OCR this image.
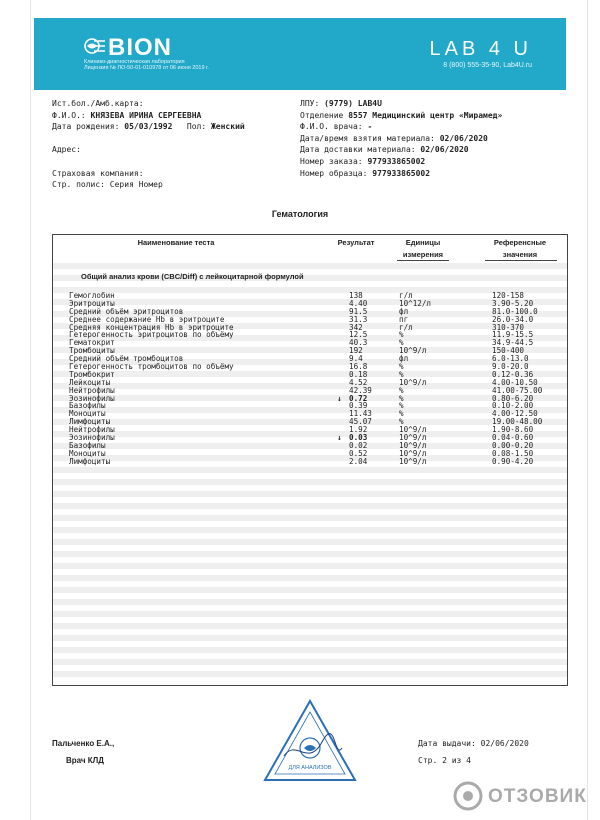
BION
Клинико-диагностическая лаборатория
Лицензия № ЛО-50-01-010978 от 06 июня 2019 г.
LAB 4 U
8 (800) 555-35-90, Lab4U.ru
Ист.бол./Амб.карта:
Ф.И.О.: КНЯЗЕВА ИРИНА СЕРГЕЕВНА
Дата рождения: 05/03/1992 Пол: Женский
Адрес:
Страховая компания:
Стр. полис: Серия Номер
ЛПУ: (9779) LAB4U
Отделение 8557 Медицинский центр «Мирамед»
Ф.И.О. врача: -
Дата/время взятия материала: 02/06/2020
Дата доставки материала: 02/06/2020
Номер заказа: 977933865002
Номер образца: 977933865002
Гематология
Наименование теста	Результат	Единицы
измерения
Референсные
значения
Общий анализ крови (CBC/Diff) с лейкоцитарной формулой
Гемоглобин	138	г/л	120-158
Эритроциты	4.40	10^12/л	3.90-5.20
Средний объём эритроцитов	91.5	фл	81.0-100.0
Среднее содержание Hb в эритроците	31.3	пг	26.0-34.0
Средняя концентрация Hb в эритроците	342	г/л	310-370
Гетерогенность эритроцитов по объёму	12.5	%	11.9-15.5
Гематокрит	40.3	%	34.9-44.5
Тромбоциты	192	10^9/л	150-400
Средний объём тромбоцитов	9.4	фл	6.0-13.0
Гетерогенность тромбоцитов по объёму	16.8	%	9.0-20.0
Тромбокрит	0.18	%	0.12-0.36
Лейкоциты	4.52	10^9/л	4.00-10.50
Нейтрофилы	42.39	%	41.00-75.00
Эозинофилы	↓ 0.72	%	0.80-6.20
Базофилы	0.39	%	0.10-2.00
Моноциты	11.43	%	4.00-12.50
Лимфоциты	45.07	%	19.00-48.00
Нейтрофилы	1.92	10^9/л	1.90-8.60
Эозинофилы	↓ 0.03	10^9/л	0.04-0.60
Базофилы	0.02	10^9/л	0.00-0.20
Моноциты	0.52	10^9/л	0.08-1.50
Лимфоциты	2.04	10^9/л	0.90-4.20
Пальченко Е.А.,
Врач КЛД
ДЛЯ АНАЛИЗОВ
Дата выдачи: 02/06/2020
Стр. 2 из 4
ОТЗОВИК
